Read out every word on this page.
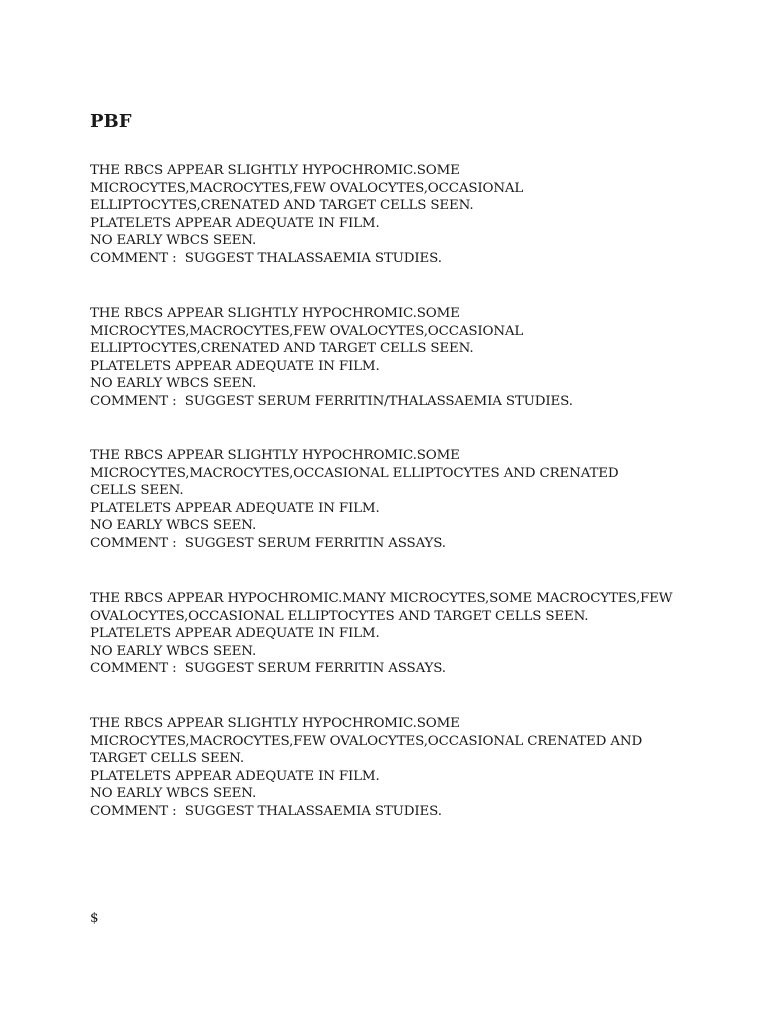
PBF
THE RBCS APPEAR SLIGHTLY HYPOCHROMIC.SOME
MICROCYTES,MACROCYTES,FEW OVALOCYTES,OCCASIONAL
ELLIPTOCYTES,CRENATED AND TARGET CELLS SEEN.
PLATELETS APPEAR ADEQUATE IN FILM.
NO EARLY WBCS SEEN.
COMMENT :  SUGGEST THALASSAEMIA STUDIES.
THE RBCS APPEAR SLIGHTLY HYPOCHROMIC.SOME
MICROCYTES,MACROCYTES,FEW OVALOCYTES,OCCASIONAL
ELLIPTOCYTES,CRENATED AND TARGET CELLS SEEN.
PLATELETS APPEAR ADEQUATE IN FILM.
NO EARLY WBCS SEEN.
COMMENT :  SUGGEST SERUM FERRITIN/THALASSAEMIA STUDIES.
THE RBCS APPEAR SLIGHTLY HYPOCHROMIC.SOME
MICROCYTES,MACROCYTES,OCCASIONAL ELLIPTOCYTES AND CRENATED
CELLS SEEN.
PLATELETS APPEAR ADEQUATE IN FILM.
NO EARLY WBCS SEEN.
COMMENT :  SUGGEST SERUM FERRITIN ASSAYS.
THE RBCS APPEAR HYPOCHROMIC.MANY MICROCYTES,SOME MACROCYTES,FEW
OVALOCYTES,OCCASIONAL ELLIPTOCYTES AND TARGET CELLS SEEN.
PLATELETS APPEAR ADEQUATE IN FILM.
NO EARLY WBCS SEEN.
COMMENT :  SUGGEST SERUM FERRITIN ASSAYS.
THE RBCS APPEAR SLIGHTLY HYPOCHROMIC.SOME
MICROCYTES,MACROCYTES,FEW OVALOCYTES,OCCASIONAL CRENATED AND
TARGET CELLS SEEN.
PLATELETS APPEAR ADEQUATE IN FILM.
NO EARLY WBCS SEEN.
COMMENT :  SUGGEST THALASSAEMIA STUDIES.
$
